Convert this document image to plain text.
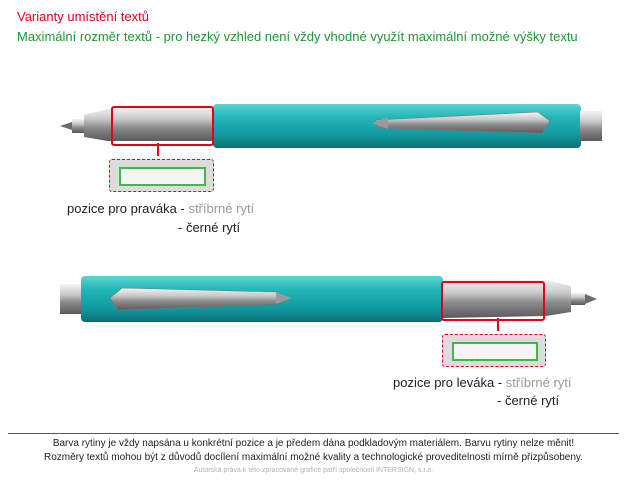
Varianty umístění textů
Maximální rozměr textů - pro hezký vzhled není vždy vhodné využít maximální možné výšky textu
pozice pro praváka - stříbrné rytí
- černé rytí
pozice pro leváka - stříbrné rytí
- černé rytí
Barva rytiny je vždy napsána u konkrétní pozice a je předem dána podkladovým materiálem. Barvu rytiny nelze měnit!
Rozměry textů mohou být z důvodů docílení maximální možné kvality a technologické proveditelnosti mírně přizpůsobeny.
Autorská práva k této zpracované grafice patří společnosti INTERSIGN, s.r.o.
